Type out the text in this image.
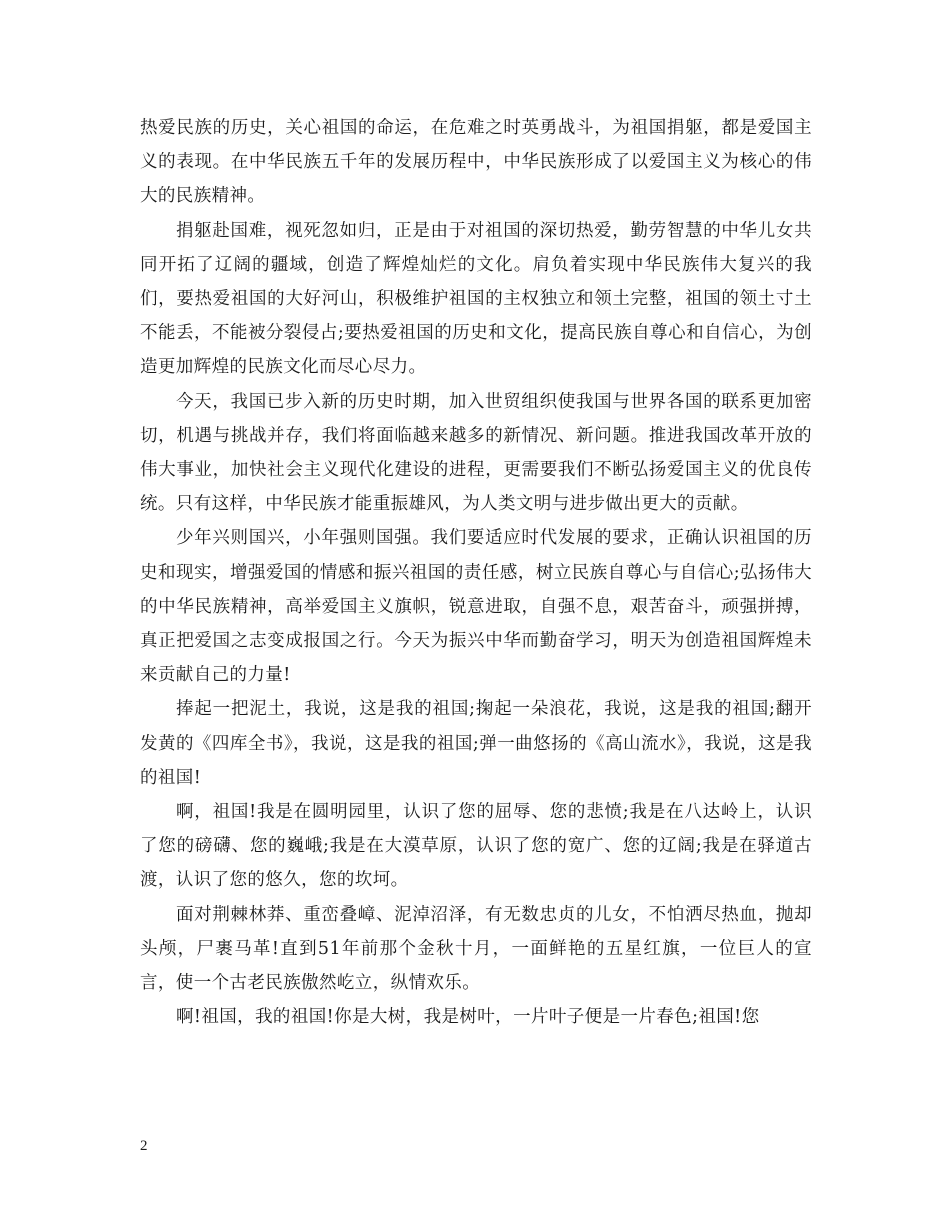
热爱民族的历史，关心祖国的命运，在危难之时英勇战斗，为祖国捐躯，都是爱国主义的表现。在中华民族五千年的发展历程中，中华民族形成了以爱国主义为核心的伟大的民族精神。

捐躯赴国难，视死忽如归，正是由于对祖国的深切热爱，勤劳智慧的中华儿女共同开拓了辽阔的疆域，创造了辉煌灿烂的文化。肩负着实现中华民族伟大复兴的我们，要热爱祖国的大好河山，积极维护祖国的主权独立和领土完整，祖国的领土寸土不能丢，不能被分裂侵占;要热爱祖国的历史和文化，提高民族自尊心和自信心，为创造更加辉煌的民族文化而尽心尽力。

今天，我国已步入新的历史时期，加入世贸组织使我国与世界各国的联系更加密切，机遇与挑战并存，我们将面临越来越多的新情况、新问题。推进我国改革开放的伟大事业，加快社会主义现代化建设的进程，更需要我们不断弘扬爱国主义的优良传统。只有这样，中华民族才能重振雄风，为人类文明与进步做出更大的贡献。

少年兴则国兴，小年强则国强。我们要适应时代发展的要求，正确认识祖国的历史和现实，增强爱国的情感和振兴祖国的责任感，树立民族自尊心与自信心;弘扬伟大的中华民族精神，高举爱国主义旗帜，锐意进取，自强不息，艰苦奋斗，顽强拼搏，真正把爱国之志变成报国之行。今天为振兴中华而勤奋学习，明天为创造祖国辉煌未来贡献自己的力量!

捧起一把泥土，我说，这是我的祖国;掬起一朵浪花，我说，这是我的祖国;翻开发黄的《四库全书》，我说，这是我的祖国;弹一曲悠扬的《高山流水》，我说，这是我的祖国!

啊，祖国!我是在圆明园里，认识了您的屈辱、您的悲愤;我是在八达岭上，认识了您的磅礴、您的巍峨;我是在大漠草原，认识了您的宽广、您的辽阔;我是在驿道古渡，认识了您的悠久，您的坎坷。

面对荆棘林莽、重峦叠嶂、泥淖沼泽，有无数忠贞的儿女，不怕洒尽热血，抛却头颅，尸裹马革!直到51年前那个金秋十月，一面鲜艳的五星红旗，一位巨人的宣言，使一个古老民族傲然屹立，纵情欢乐。

啊!祖国，我的祖国!你是大树，我是树叶，一片叶子便是一片春色;祖国!您

2
